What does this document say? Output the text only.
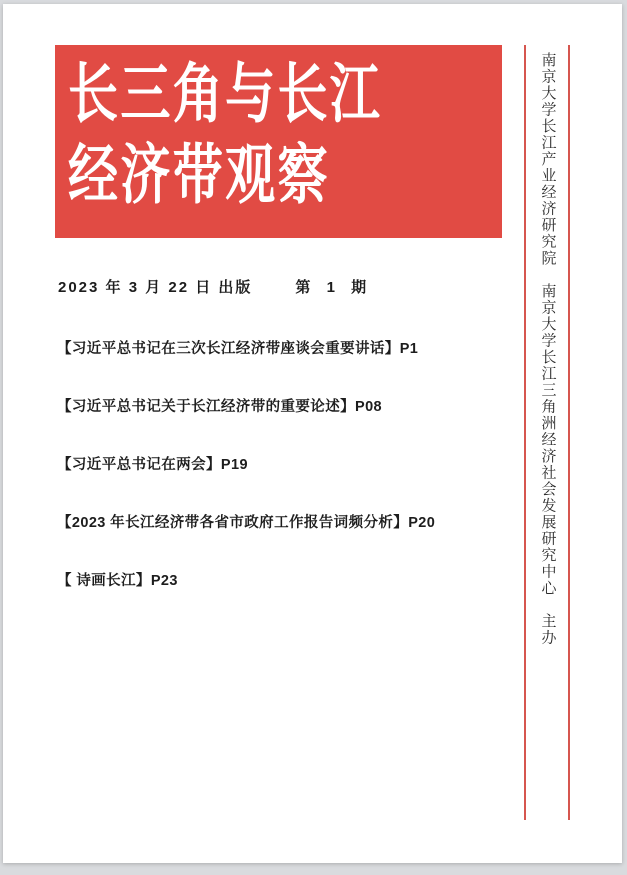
长三角与长江
经济带观察
2023 年 3 月 22 日 出版	第 1 期
【习近平总书记在三次长江经济带座谈会重要讲话】P1
【习近平总书记关于长江经济带的重要论述】P08
【习近平总书记在两会】P19
【2023 年长江经济带各省市政府工作报告词频分析】P20
【 诗画长江】P23	南京大学长江产业经济研究院　南京大学长江三角洲经济社会发展研究中心　主办
